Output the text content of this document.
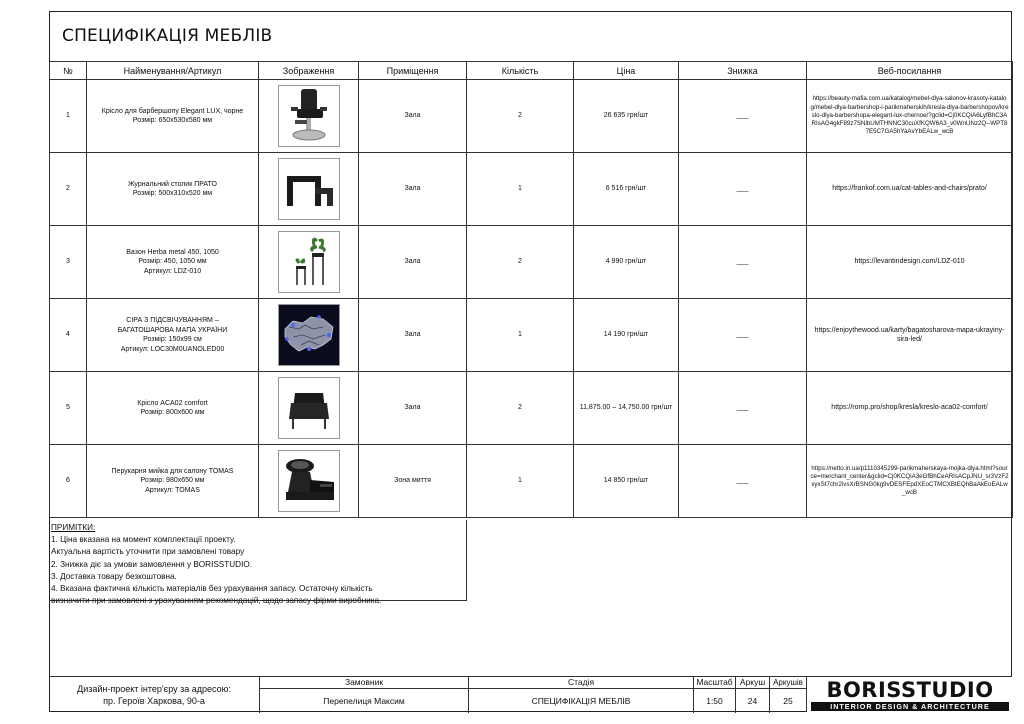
СПЕЦИФІКАЦІЯ МЕБЛІВ
№	Найменування/Артикул	Зображення	Приміщення	Кількість	Ціна	Знижка	Веб-посилання
1	Крісло для барбершопу Elegant LUX, чорне
Розмір: 650x530x580 мм		Зала	2	26 635 грн/шт	___	https://beauty-mafia.com.ua/katalog/mebel-dlya-salonov-krasoty-katalog/mebel-dlya-barbershop-i-parikmaherskih/kresla-dlya-barbershopov/kreslo-dlya-barbershopa-elegant-lux-chernoe/?gclid=Cj0KCQiA6LyfBhC3ARIsAG4gkF89z7SNlbUMTHNNC30cuXfKQW6A3_v0WnUNz2Q--WPT87E5C7GA5hYaAvYbEALw_wcB
2	Журнальний столик ПРАТО
Розмір: 500x310x520 мм		Зала	1	6 516 грн/шт	___	https://frankof.com.ua/cat-tables-and-chairs/prato/
3	Вазон Herba metal 450, 1050
Розмір: 450, 1050 мм
Артикул: LDZ-010		Зала	2	4 990 грн/шт	___	https://levantindesign.com/LDZ-010
4	СІРА З ПІДСВІЧУВАННЯМ –
БАГАТОШАРОВА МАПА УКРАЇНИ
Розмір: 150x99 см
Артикул: LOC30M0UANOLED00		Зала	1	14 190 грн/шт	___	https://enjoythewood.ua/karty/bagatosharova-mapa-ukrayiny-sira-led/
5	Крісло ACA02 comfort
Розмір: 800x600 мм		Зала	2	11,875.00 – 14,750.00 грн/шт	___	https://romp.pro/shop/kresla/kreslo-aca02-comfort/
6	Перукарня мийка для салону TOMAS
Розмір: 980x650 мм
Артикул: TOMAS		Зона миття	1	14 850 грн/шт	___	https://netto.in.ua/p1110345299-parikmaherskaya-mojka-dlya.html?source=merchant_center&gclid=Cj0KCQiA3eGfBhCeARIsACpJNU_sr3VzF2xyxSt7chr2ivsXrBSNG0kg9vDESFEpdXEoCTMCXBtEQhBaAkEoEALw_wcB
ПРИМІТКИ:
1. Ціна вказана на момент комплектації проекту.
Актуальна вартість уточнити при замовлені товару
2. Знижка діє за умови замовлення у BORISSTUDIO.
3. Доставка товару безкоштовна.
4. Вказана фактична кількість матеріалів без урахування запасу. Остаточну кількість
визначити при замовлені з урахуванням рекомендацій, щодо запасу фірми виробника.
Дизайн-проект інтер'єру за адресою:
пр. Героїв Харкова, 90-а
Замовник
Перепелиця Максим
Стадія
СПЕЦИФІКАЦІЯ МЕБЛІВ
Масштаб
1:50
Аркуш
24
Аркушів
25	BORISSTUDIO
INTERIOR DESIGN & ARCHITECTURE
